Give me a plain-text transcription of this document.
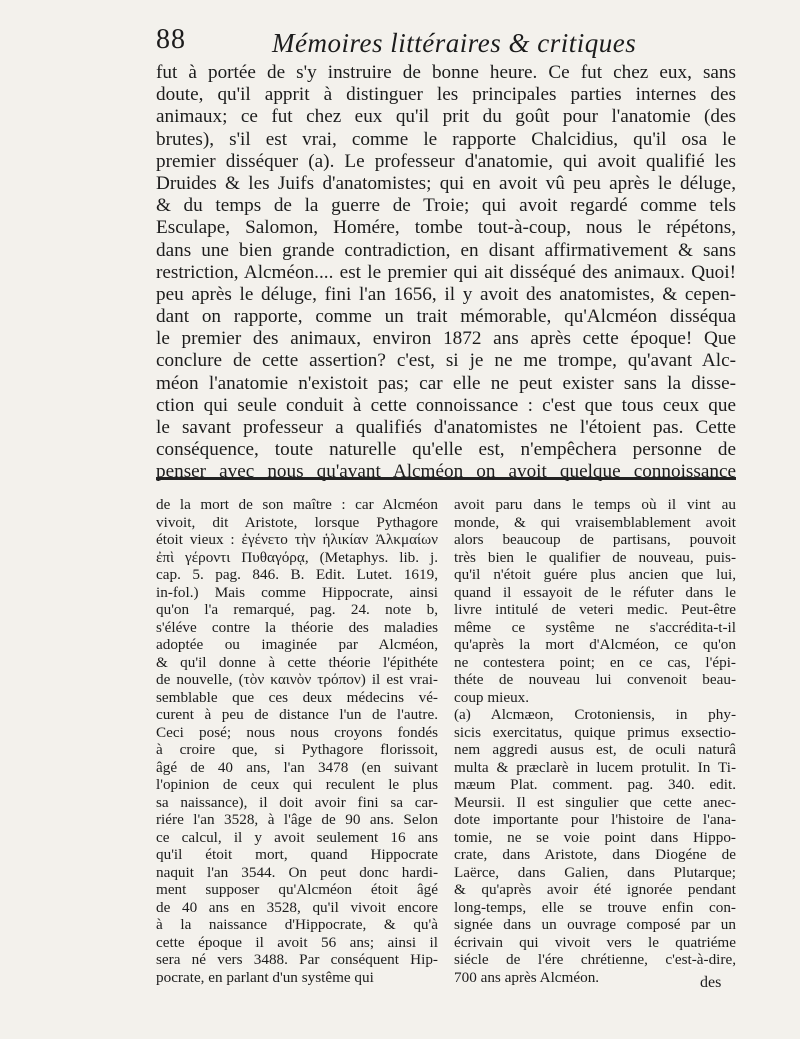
88	Mémoires littéraires & critiques
fut à portée de s'y instruire de bonne heure. Ce fut chez eux, sans
doute, qu'il apprit à distinguer les principales parties internes des
animaux; ce fut chez eux qu'il prit du goût pour l'anatomie (des
brutes), s'il est vrai, comme le rapporte Chalcidius, qu'il osa le
premier disséquer (a). Le professeur d'anatomie, qui avoit qualifié les
Druides & les Juifs d'anatomistes; qui en avoit vû peu après le déluge,
& du temps de la guerre de Troie; qui avoit regardé comme tels
Esculape, Salomon, Homére, tombe tout-à-coup, nous le répétons,
dans une bien grande contradiction, en disant affirmativement & sans
restriction, Alcméon.... est le premier qui ait disséqué des animaux. Quoi!
peu après le déluge, fini l'an 1656, il y avoit des anatomistes, & cepen-
dant on rapporte, comme un trait mémorable, qu'Alcméon disséqua
le premier des animaux, environ 1872 ans après cette époque! Que
conclure de cette assertion? c'est, si je ne me trompe, qu'avant Alc-
méon l'anatomie n'existoit pas; car elle ne peut exister sans la disse-
ction qui seule conduit à cette connoissance : c'est que tous ceux que
le savant professeur a qualifiés d'anatomistes ne l'étoient pas. Cette
conséquence, toute naturelle qu'elle est, n'empêchera personne de
penser avec nous qu'avant Alcméon on avoit quelque connoissance
de la mort de son maître : car Alcméon
vivoit, dit Aristote, lorsque Pythagore
étoit vieux : ἐγένετο τὴν ἡλικίαν Ἀλκμαίων
ἐπὶ γέροντι Πυθαγόρᾳ, (Metaphys. lib. j.
cap. 5. pag. 846. B. Edit. Lutet. 1619,
in-fol.) Mais comme Hippocrate, ainsi
qu'on l'a remarqué, pag. 24. note b,
s'éléve contre la théorie des maladies
adoptée ou imaginée par Alcméon,
& qu'il donne à cette théorie l'épithéte
de nouvelle, (τὸν καινὸν τρόπον) il est vrai-
semblable que ces deux médecins vé-
curent à peu de distance l'un de l'autre.
Ceci posé; nous nous croyons fondés
à croire que, si Pythagore florissoit,
âgé de 40 ans, l'an 3478 (en suivant
l'opinion de ceux qui reculent le plus
sa naissance), il doit avoir fini sa car-
riére l'an 3528, à l'âge de 90 ans. Selon
ce calcul, il y avoit seulement 16 ans
qu'il étoit mort, quand Hippocrate
naquit l'an 3544. On peut donc hardi-
ment supposer qu'Alcméon étoit âgé
de 40 ans en 3528, qu'il vivoit encore
à la naissance d'Hippocrate, & qu'à
cette époque il avoit 56 ans; ainsi il
sera né vers 3488. Par conséquent Hip-
pocrate, en parlant d'un systême qui
avoit paru dans le temps où il vint au
monde, & qui vraisemblablement avoit
alors beaucoup de partisans, pouvoit
très bien le qualifier de nouveau, puis-
qu'il n'étoit guére plus ancien que lui,
quand il essayoit de le réfuter dans le
livre intitulé de veteri medic. Peut-être
même ce systême ne s'accrédita-t-il
qu'après la mort d'Alcméon, ce qu'on
ne contestera point; en ce cas, l'épi-
théte de nouveau lui convenoit beau-
coup mieux.
(a) Alcmæon, Crotoniensis, in phy-
sicis exercitatus, quique primus exsectio-
nem aggredi ausus est, de oculi naturâ
multa & præclarè in lucem protulit. In Ti-
mæum Plat. comment. pag. 340. edit.
Meursii. Il est singulier que cette anec-
dote importante pour l'histoire de l'ana-
tomie, ne se voie point dans Hippo-
crate, dans Aristote, dans Diogéne de
Laërce, dans Galien, dans Plutarque;
& qu'après avoir été ignorée pendant
long-temps, elle se trouve enfin con-
signée dans un ouvrage composé par un
écrivain qui vivoit vers le quatriéme
siécle de l'ére chrétienne, c'est-à-dire,
700 ans après Alcméon.	des
